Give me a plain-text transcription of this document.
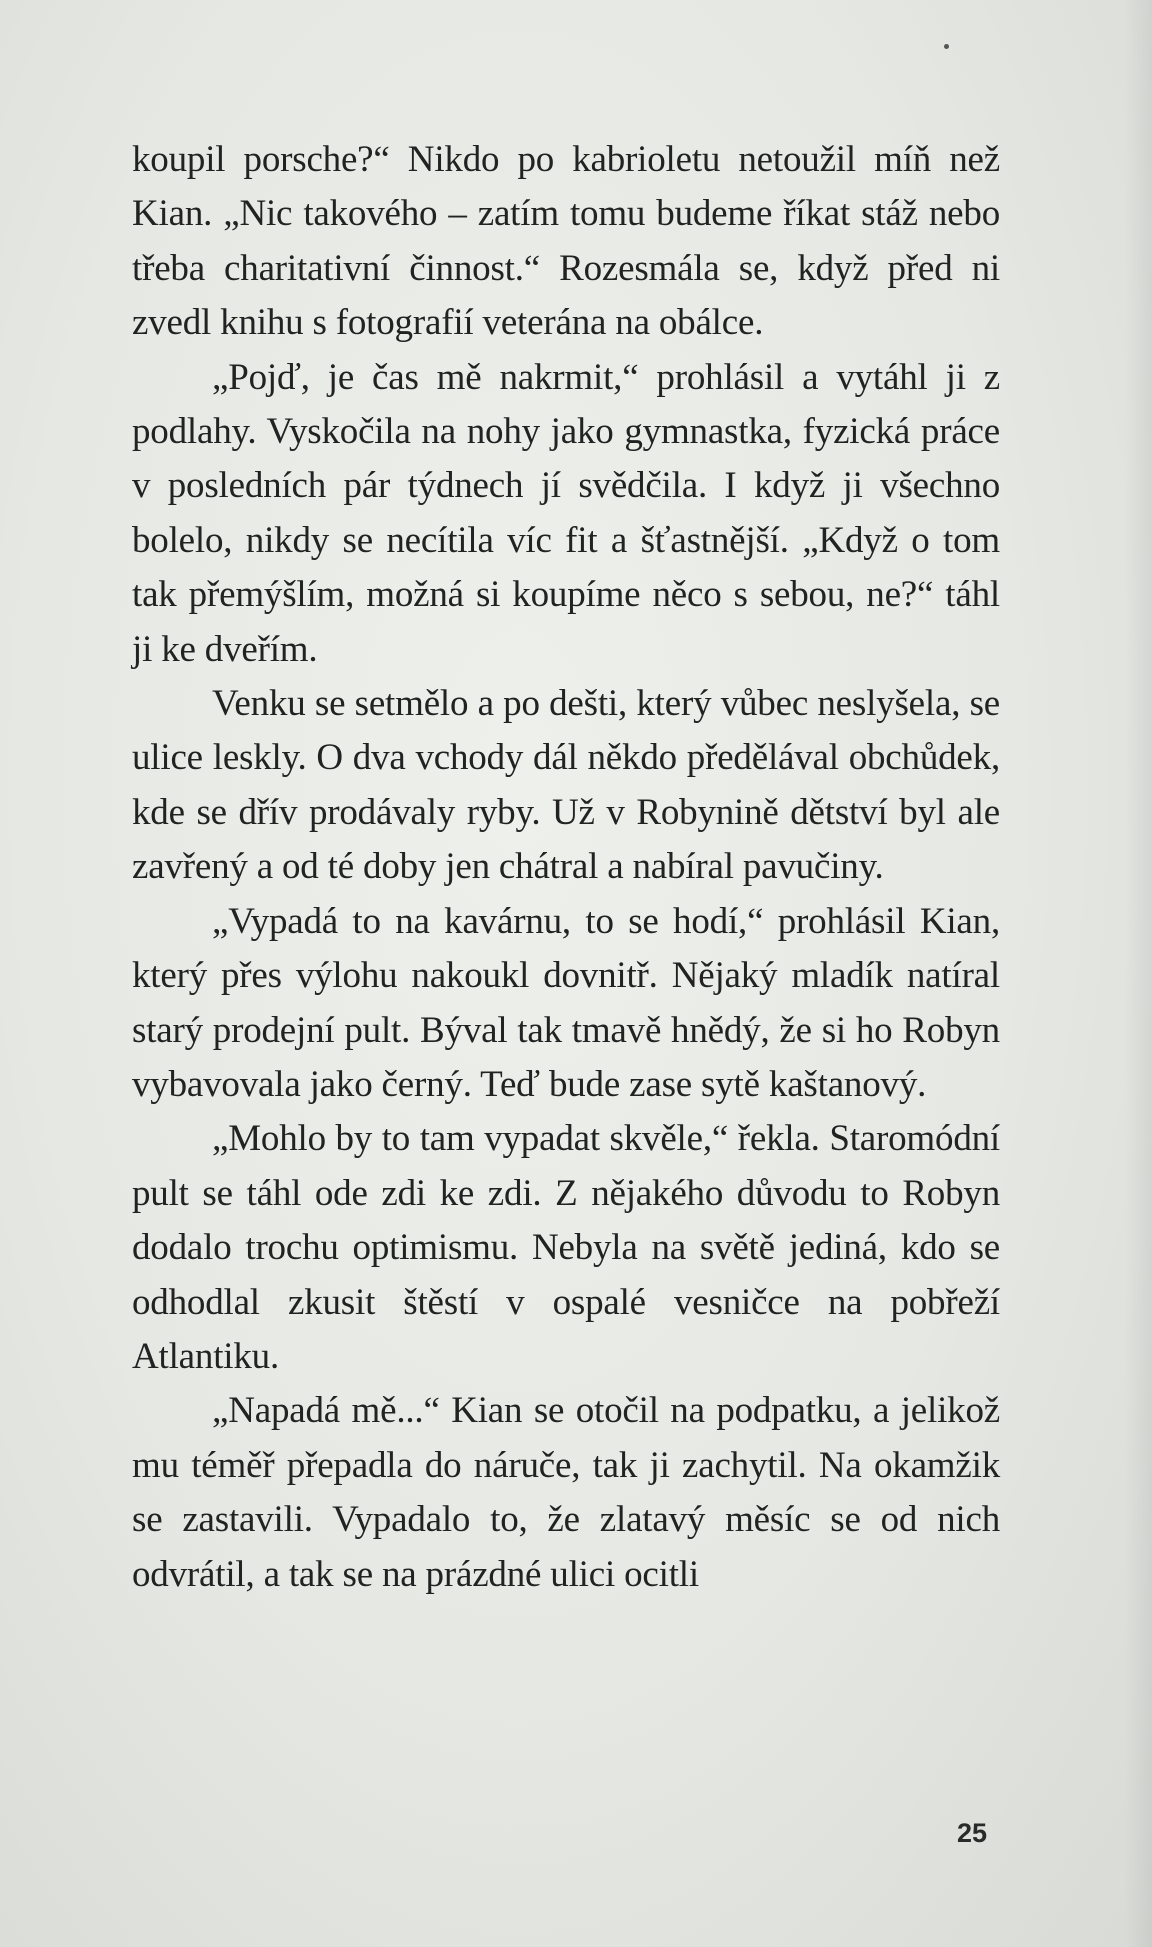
koupil porsche?“ Nikdo po kabrioletu netoužil míň než Kian. „Nic takového – zatím tomu budeme říkat stáž nebo třeba charitativní činnost.“ Rozesmála se, když před ni zvedl knihu s fotografií veterána na obálce.

„Pojď, je čas mě nakrmit,“ prohlásil a vytáhl ji z podlahy. Vyskočila na nohy jako gymnastka, fyzická práce v posledních pár týdnech jí svědčila. I když ji všechno bolelo, nikdy se necítila víc fit a šťastnější. „Když o tom tak přemýšlím, možná si koupíme něco s sebou, ne?“ táhl ji ke dveřím.

Venku se setmělo a po dešti, který vůbec neslyšela, se ulice leskly. O dva vchody dál někdo předělával obchůdek, kde se dřív prodávaly ryby. Už v Robynině dětství byl ale zavřený a od té doby jen chátral a nabíral pavučiny.

„Vypadá to na kavárnu, to se hodí,“ prohlásil Kian, který přes výlohu nakoukl dovnitř. Nějaký mladík natíral starý prodejní pult. Býval tak tmavě hnědý, že si ho Robyn vybavovala jako černý. Teď bude zase sytě kaštanový.

„Mohlo by to tam vypadat skvěle,“ řekla. Staromódní pult se táhl ode zdi ke zdi. Z nějakého důvodu to Robyn dodalo trochu optimismu. Nebyla na světě jediná, kdo se odhodlal zkusit štěstí v ospalé vesničce na pobřeží Atlantiku.

„Napadá mě...“ Kian se otočil na podpatku, a jelikož mu téměř přepadla do náruče, tak ji zachytil. Na okamžik se zastavili. Vypadalo to, že zlatavý měsíc se od nich odvrátil, a tak se na prázdné ulici ocitli

25
